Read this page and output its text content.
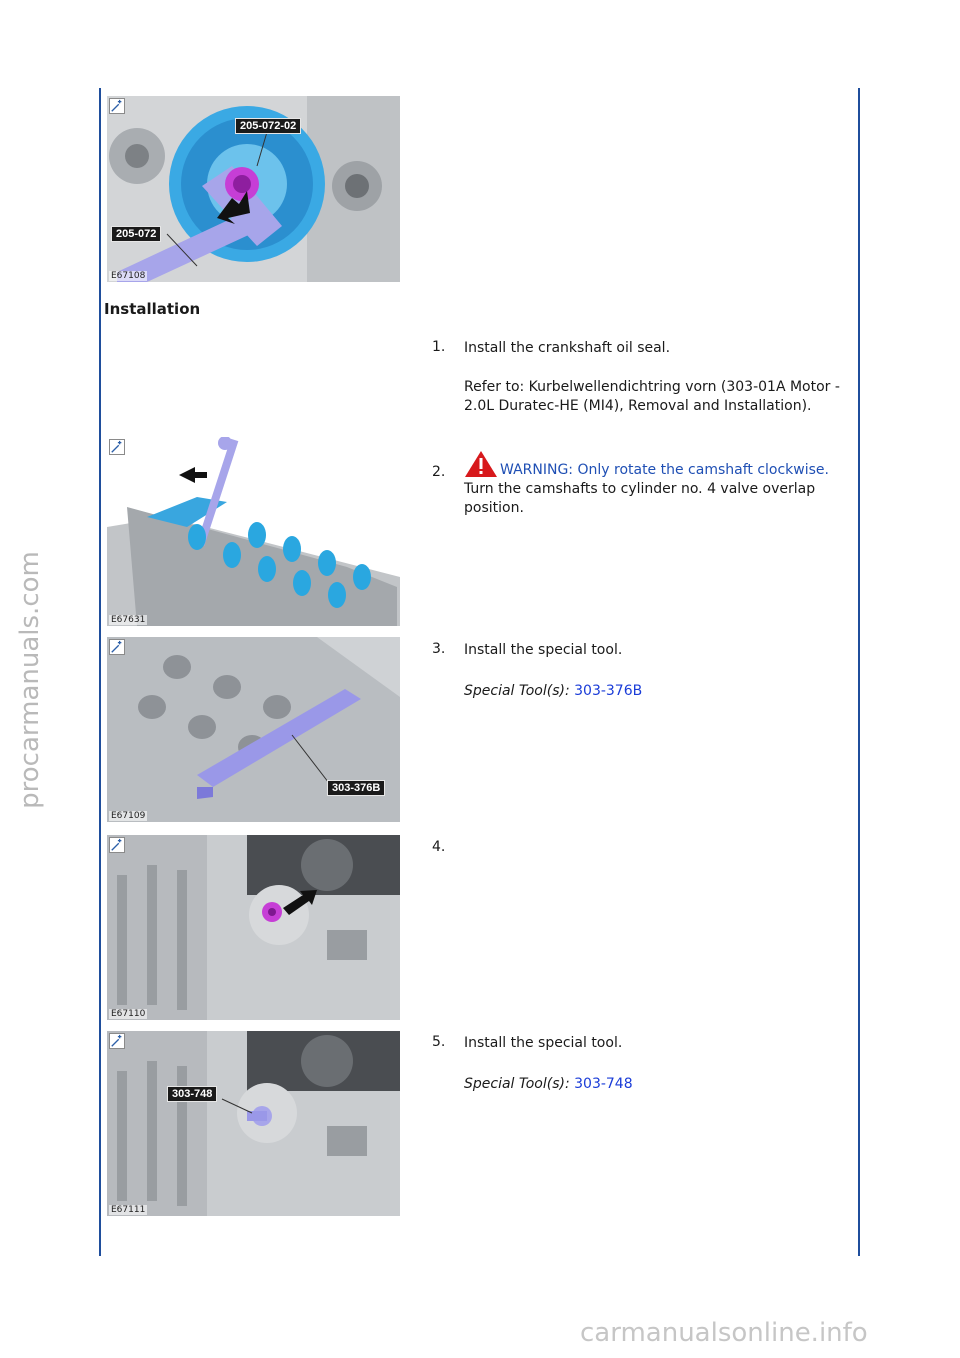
procarmanuals.com
carmanualsonline.info
205-072-02
205-072
E67108
Installation
1.	Install the crankshaft oil seal.
Refer to: Kurbelwellendichtring vorn (303-01A Motor - 2.0L Duratec-HE (MI4), Removal and Installation).
E67631
2.	WARNING: Only rotate the camshaft clockwise.
Turn the camshafts to cylinder no. 4 valve overlap position.
303-376B
E67109
3.	Install the special tool.
Special Tool(s): 303-376B
E67110
4.
303-748
E67111
5.	Install the special tool.
Special Tool(s): 303-748
